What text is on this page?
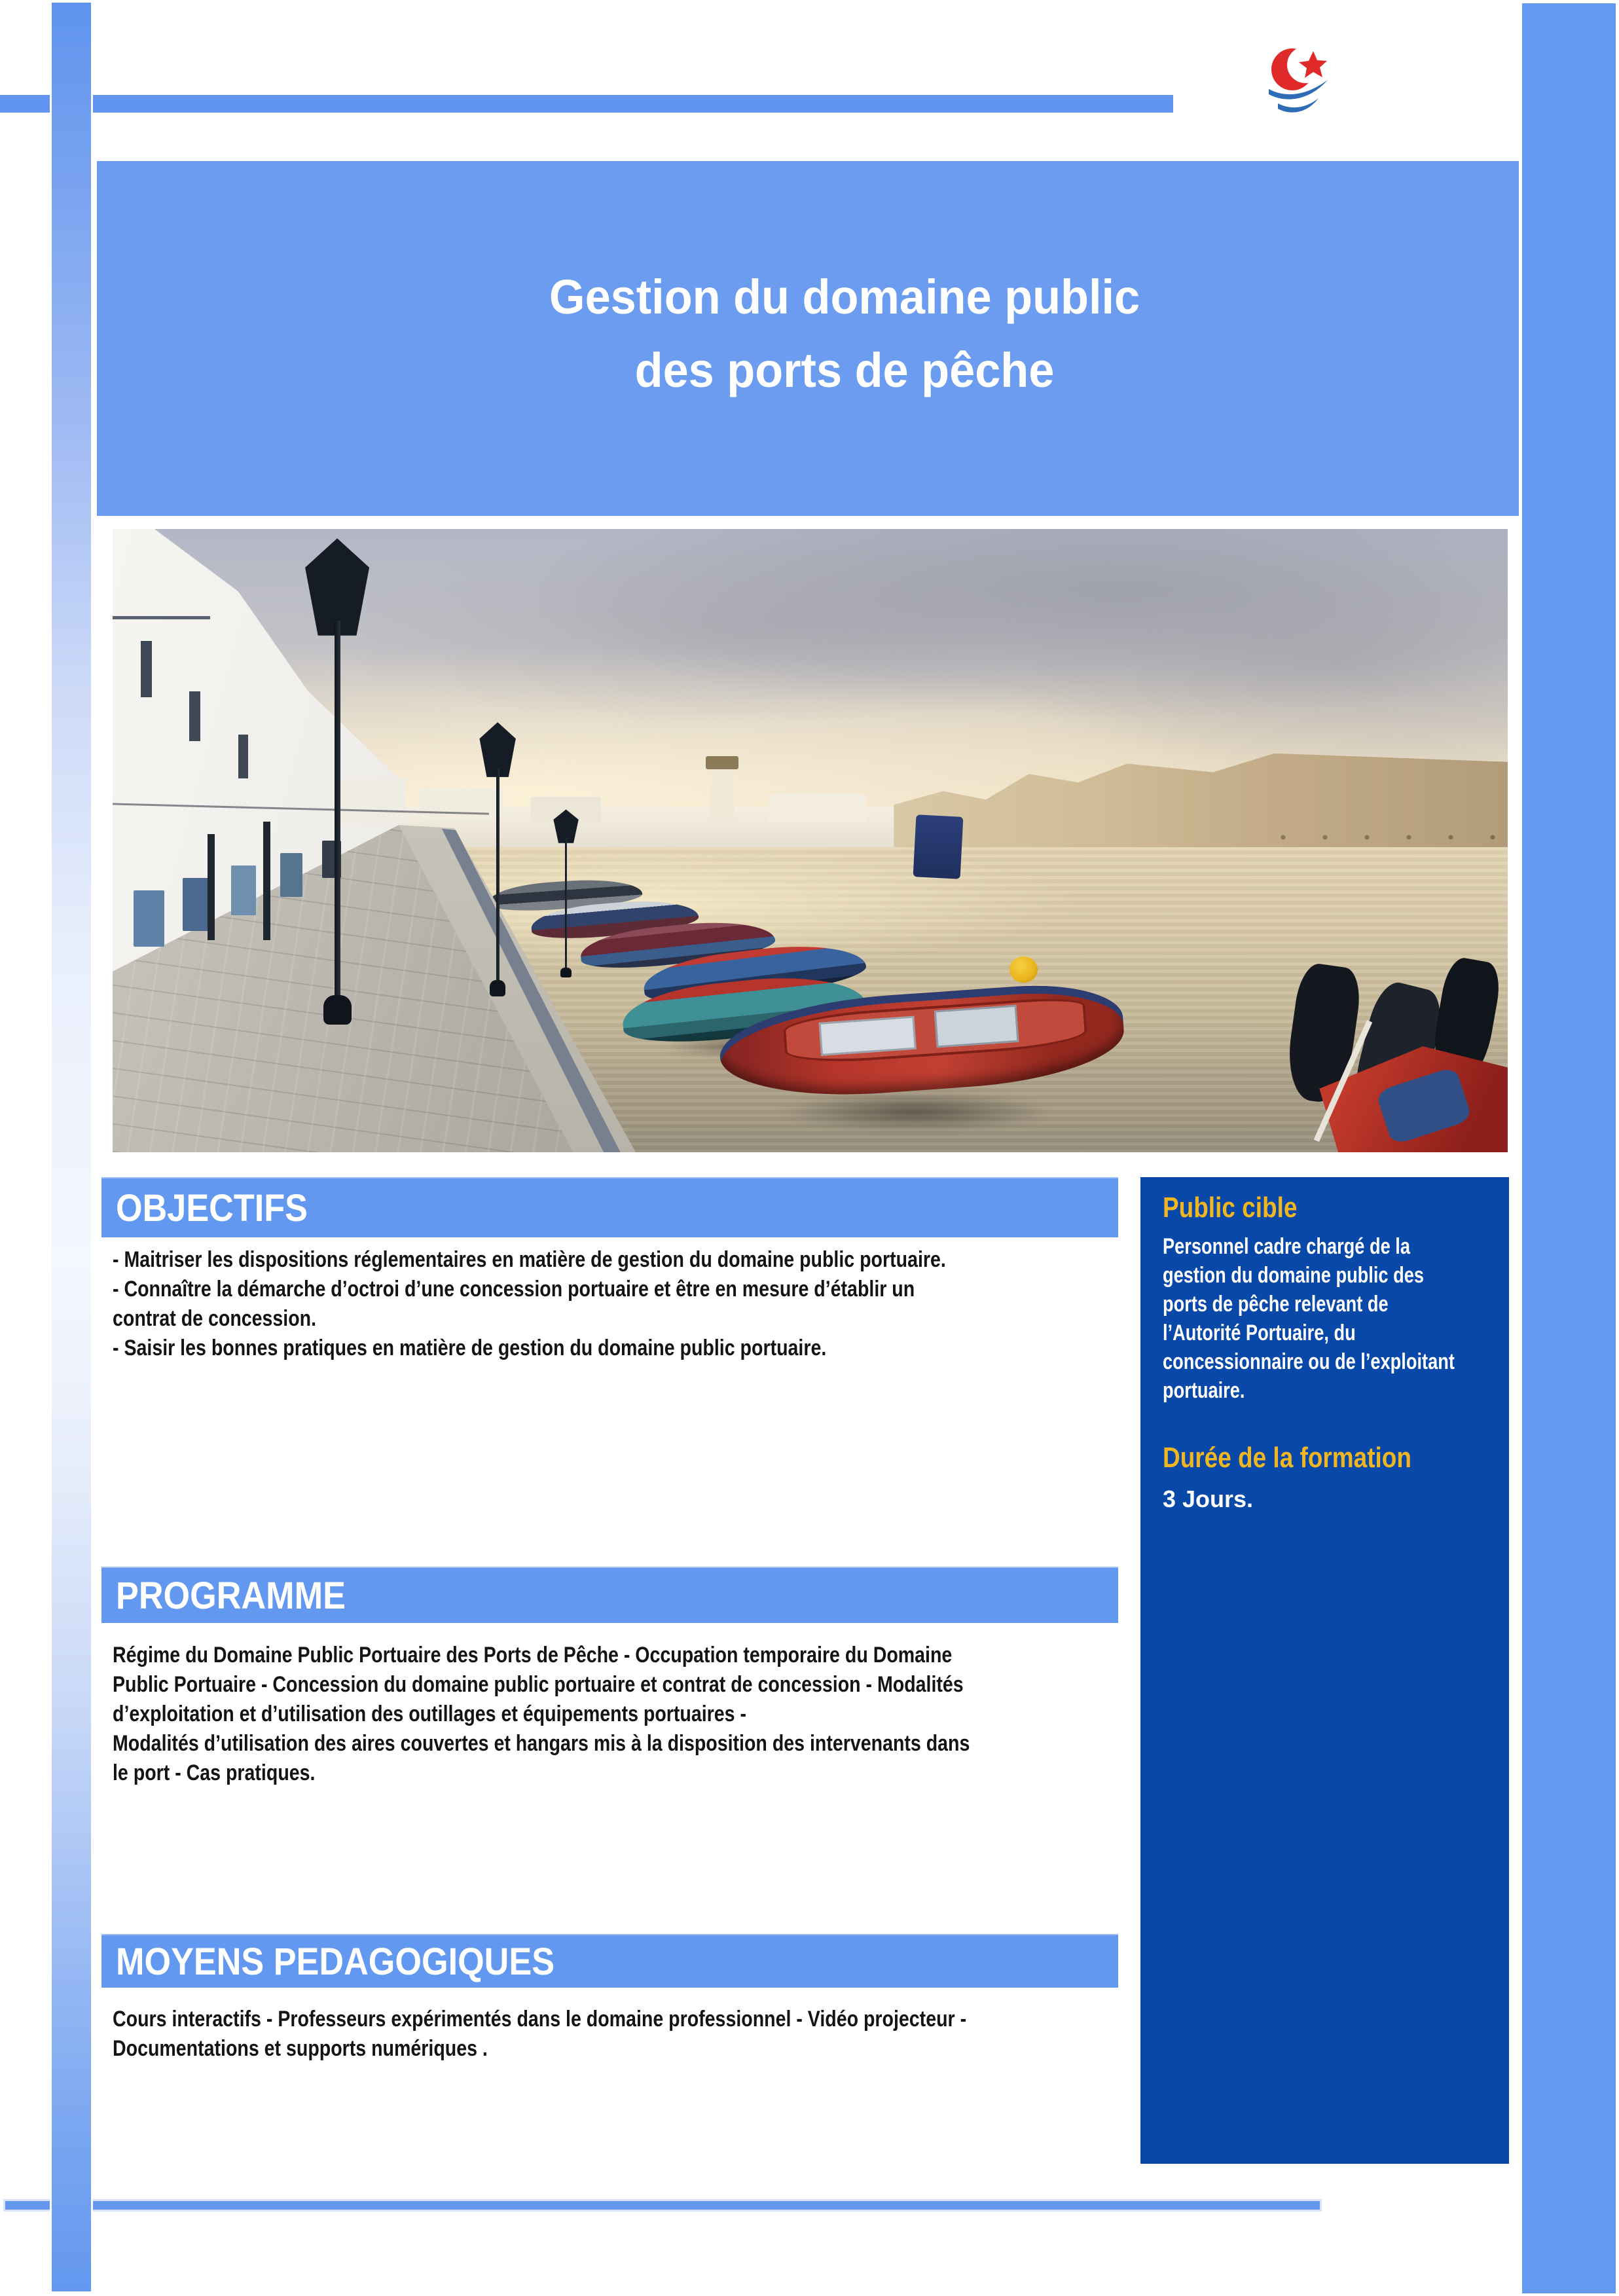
Gestion du domaine public
des ports de pêche
OBJECTIFS
- Maitriser les dispositions réglementaires en matière de gestion du domaine public portuaire.
- Connaître la démarche d’octroi d’une concession portuaire et être en mesure d’établir un
contrat de concession.
- Saisir les bonnes pratiques en matière de gestion du domaine public portuaire.
Public cible
Personnel cadre chargé de la
gestion du domaine public des
ports de pêche relevant de
l’Autorité Portuaire, du
concessionnaire ou de l’exploitant
portuaire.
Durée de la formation
3 Jours.
PROGRAMME
Régime du Domaine Public Portuaire des Ports de Pêche - Occupation temporaire du Domaine
Public Portuaire - Concession du domaine public portuaire et contrat de concession - Modalités
d’exploitation et d’utilisation des outillages et équipements portuaires -
Modalités d’utilisation des aires couvertes et hangars mis à la disposition des intervenants dans
le port - Cas pratiques.
MOYENS PEDAGOGIQUES
Cours interactifs - Professeurs expérimentés dans le domaine professionnel - Vidéo projecteur -
Documentations et supports numériques .
